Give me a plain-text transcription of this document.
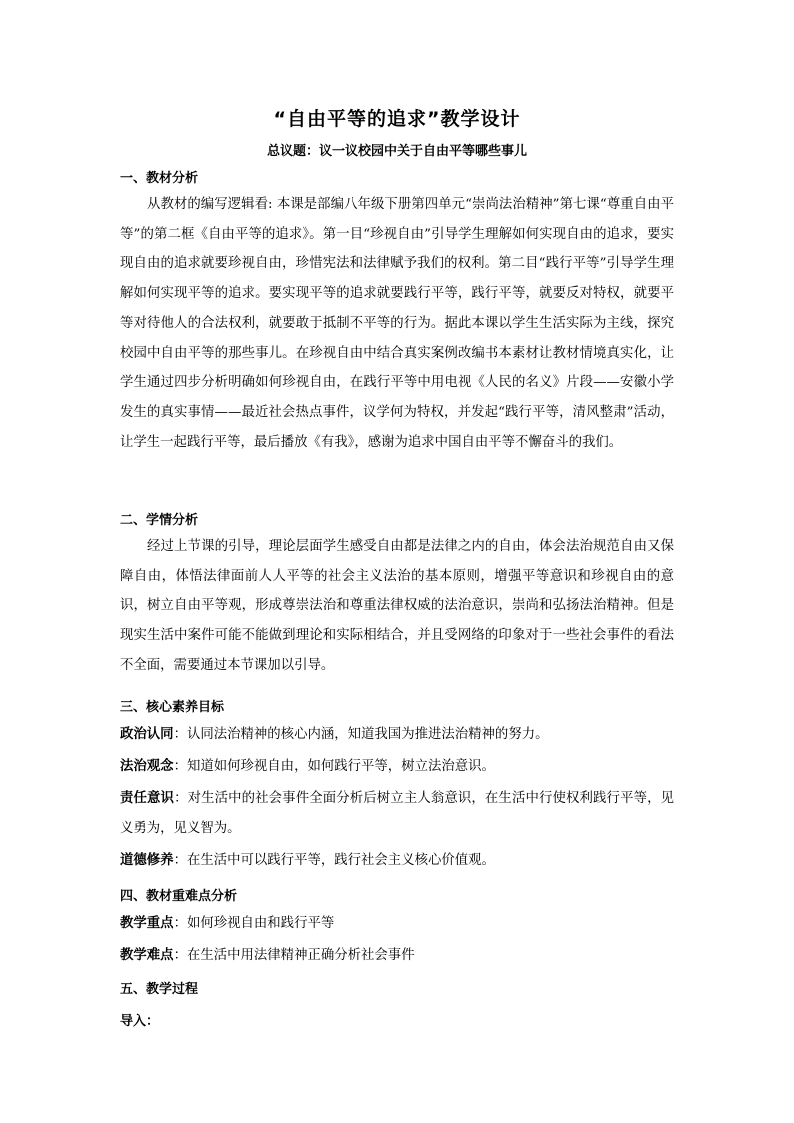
“自由平等的追求”教学设计
总议题：议一议校园中关于自由平等哪些事儿
一、教材分析
从教材的编写逻辑看: 本课是部编八年级下册第四单元“崇尚法治精神”第七课“尊重自由平等”的第二框《自由平等的追求》。第一目“珍视自由”引导学生理解如何实现自由的追求，要实现自由的追求就要珍视自由，珍惜宪法和法律赋予我们的权利。第二目“践行平等”引导学生理解如何实现平等的追求。要实现平等的追求就要践行平等，践行平等，就要反对特权，就要平等对待他人的合法权利，就要敢于抵制不平等的行为。据此本课以学生生活实际为主线，探究校园中自由平等的那些事儿。在珍视自由中结合真实案例改编书本素材让教材情境真实化，让学生通过四步分析明确如何珍视自由，在践行平等中用电视《人民的名义》片段——安徽小学发生的真实事情——最近社会热点事件，议学何为特权，并发起“践行平等，清风整肃”活动，让学生一起践行平等，最后播放《有我》，感谢为追求中国自由平等不懈奋斗的我们。
二、学情分析
经过上节课的引导，理论层面学生感受自由都是法律之内的自由，体会法治规范自由又保障自由，体悟法律面前人人平等的社会主义法治的基本原则，增强平等意识和珍视自由的意识，树立自由平等观，形成尊崇法治和尊重法律权威的法治意识，崇尚和弘扬法治精神。但是现实生活中案件可能不能做到理论和实际相结合，并且受网络的印象对于一些社会事件的看法不全面，需要通过本节课加以引导。
三、核心素养目标
政治认同：认同法治精神的核心内涵，知道我国为推进法治精神的努力。
法治观念：知道如何珍视自由，如何践行平等，树立法治意识。
责任意识：对生活中的社会事件全面分析后树立主人翁意识，在生活中行使权利践行平等，见义勇为，见义智为。
道德修养：在生活中可以践行平等，践行社会主义核心价值观。
四、教材重难点分析
教学重点：如何珍视自由和践行平等
教学难点：在生活中用法律精神正确分析社会事件
五、教学过程
导入：
